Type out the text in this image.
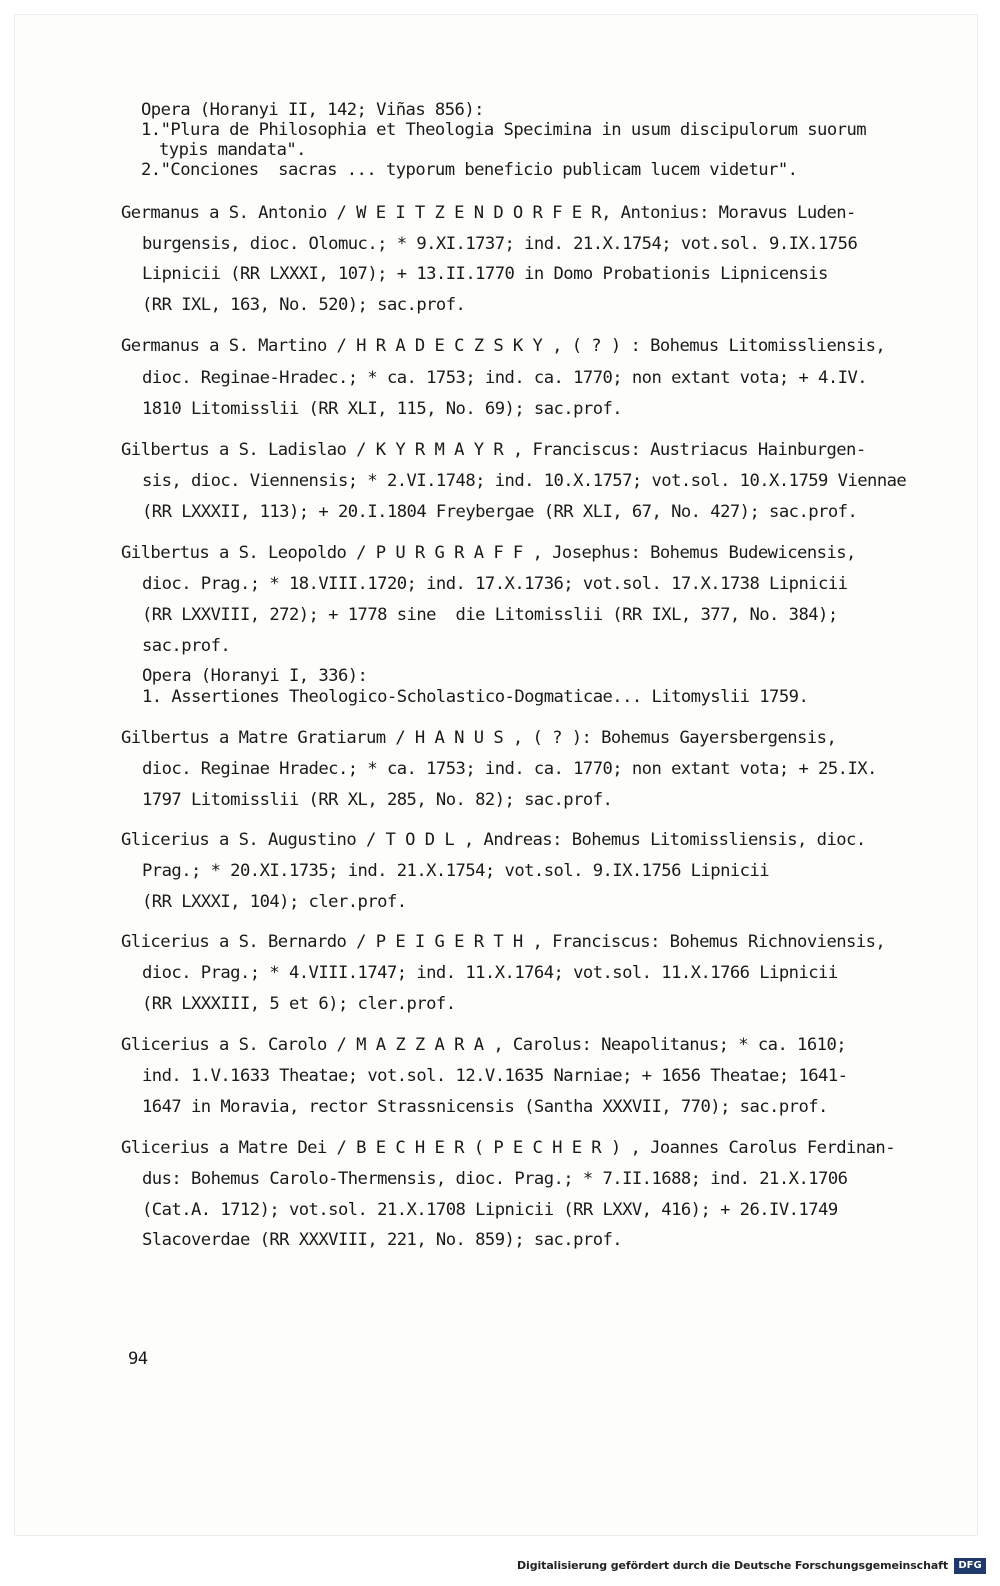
Opera (Horanyi II, 142; Viñas 856):
1."Plura de Philosophia et Theologia Specimina in usum discipulorum suorum
typis mandata".
2."Conciones  sacras ... typorum beneficio publicam lucem videtur".
Germanus a S. Antonio / W E I T Z E N D O R F E R, Antonius: Moravus Luden-
burgensis, dioc. Olomuc.; * 9.XI.1737; ind. 21.X.1754; vot.sol. 9.IX.1756
Lipnicii (RR LXXXI, 107); + 13.II.1770 in Domo Probationis Lipnicensis
(RR IXL, 163, No. 520); sac.prof.
Germanus a S. Martino / H R A D E C Z S K Y , ( ? ) : Bohemus Litomissliensis,
dioc. Reginae-Hradec.; * ca. 1753; ind. ca. 1770; non extant vota; + 4.IV.
1810 Litomisslii (RR XLI, 115, No. 69); sac.prof.
Gilbertus a S. Ladislao / K Y R M A Y R , Franciscus: Austriacus Hainburgen-
sis, dioc. Viennensis; * 2.VI.1748; ind. 10.X.1757; vot.sol. 10.X.1759 Viennae
(RR LXXXII, 113); + 20.I.1804 Freybergae (RR XLI, 67, No. 427); sac.prof.
Gilbertus a S. Leopoldo / P U R G R A F F , Josephus: Bohemus Budewicensis,
dioc. Prag.; * 18.VIII.1720; ind. 17.X.1736; vot.sol. 17.X.1738 Lipnicii
(RR LXXVIII, 272); + 1778 sine  die Litomisslii (RR IXL, 377, No. 384);
sac.prof.
Opera (Horanyi I, 336):
1. Assertiones Theologico-Scholastico-Dogmaticae... Litomyslii 1759.
Gilbertus a Matre Gratiarum / H A N U S , ( ? ): Bohemus Gayersbergensis,
dioc. Reginae Hradec.; * ca. 1753; ind. ca. 1770; non extant vota; + 25.IX.
1797 Litomisslii (RR XL, 285, No. 82); sac.prof.
Glicerius a S. Augustino / T O D L , Andreas: Bohemus Litomissliensis, dioc.
Prag.; * 20.XI.1735; ind. 21.X.1754; vot.sol. 9.IX.1756 Lipnicii
(RR LXXXI, 104); cler.prof.
Glicerius a S. Bernardo / P E I G E R T H , Franciscus: Bohemus Richnoviensis,
dioc. Prag.; * 4.VIII.1747; ind. 11.X.1764; vot.sol. 11.X.1766 Lipnicii
(RR LXXXIII, 5 et 6); cler.prof.
Glicerius a S. Carolo / M A Z Z A R A , Carolus: Neapolitanus; * ca. 1610;
ind. 1.V.1633 Theatae; vot.sol. 12.V.1635 Narniae; + 1656 Theatae; 1641-
1647 in Moravia, rector Strassnicensis (Santha XXXVII, 770); sac.prof.
Glicerius a Matre Dei / B E C H E R ( P E C H E R ) , Joannes Carolus Ferdinan-
dus: Bohemus Carolo-Thermensis, dioc. Prag.; * 7.II.1688; ind. 21.X.1706
(Cat.A. 1712); vot.sol. 21.X.1708 Lipnicii (RR LXXV, 416); + 26.IV.1749
Slacoverdae (RR XXXVIII, 221, No. 859); sac.prof.
94
Digitalisierung gefördert durch die Deutsche Forschungsgemeinschaft	DFG
